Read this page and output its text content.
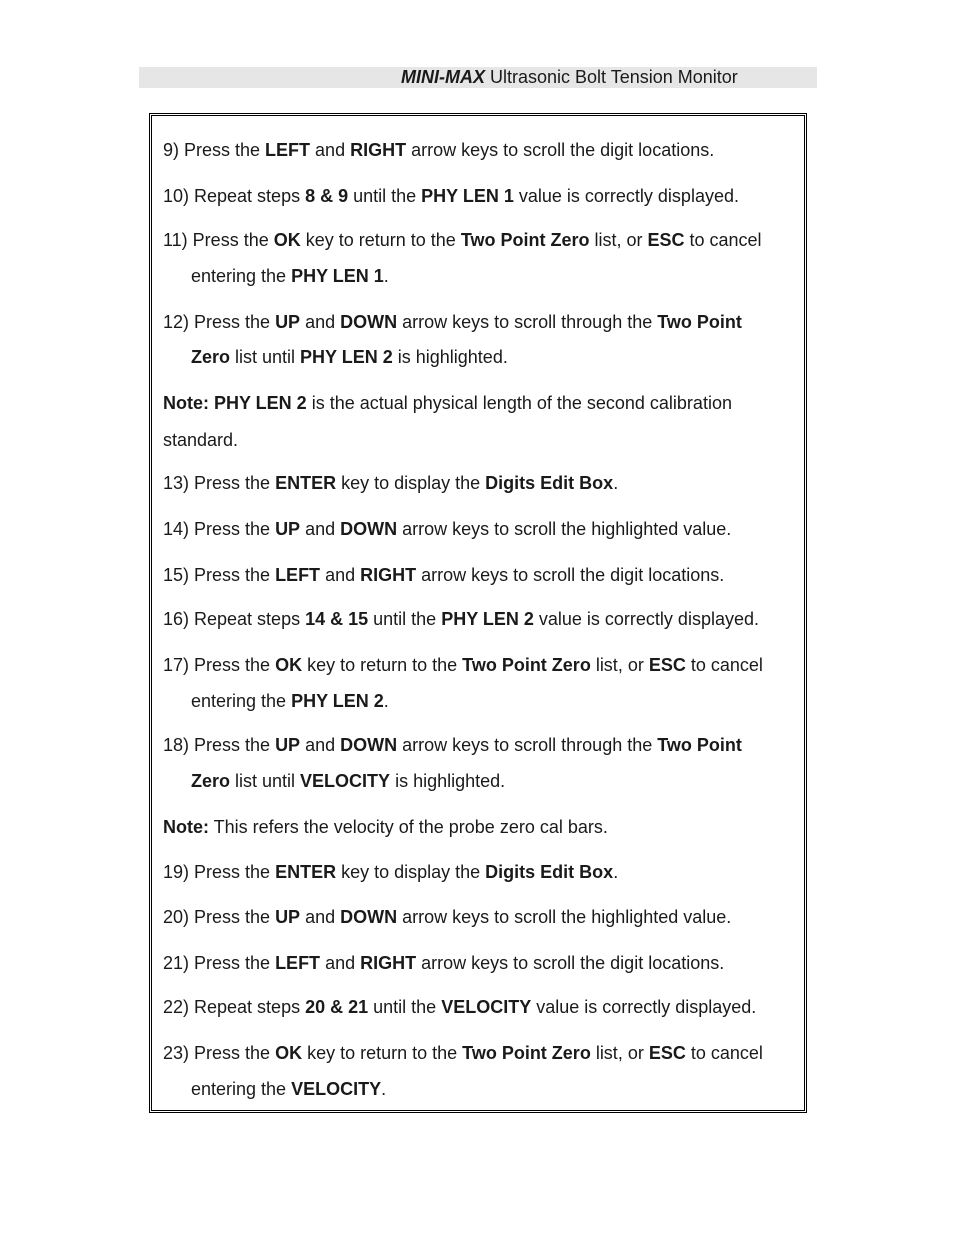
MINI-MAX Ultrasonic Bolt Tension Monitor
9) Press the LEFT and RIGHT arrow keys to scroll the digit locations.
10) Repeat steps 8 & 9 until the PHY LEN 1 value is correctly displayed.
11) Press the OK key to return to the Two Point Zero list, or ESC to cancel
entering the PHY LEN 1.
12) Press the UP and DOWN arrow keys to scroll through the Two Point
Zero list until PHY LEN 2 is highlighted.
Note: PHY LEN 2 is the actual physical length of the second calibration
standard.
13) Press the ENTER key to display the Digits Edit Box.
14) Press the UP and DOWN arrow keys to scroll the highlighted value.
15) Press the LEFT and RIGHT arrow keys to scroll the digit locations.
16) Repeat steps 14 & 15 until the PHY LEN 2 value is correctly displayed.
17) Press the OK key to return to the Two Point Zero list, or ESC to cancel
entering the PHY LEN 2.
18) Press the UP and DOWN arrow keys to scroll through the Two Point
Zero list until VELOCITY is highlighted.
Note: This refers the velocity of the probe zero cal bars.
19) Press the ENTER key to display the Digits Edit Box.
20) Press the UP and DOWN arrow keys to scroll the highlighted value.
21) Press the LEFT and RIGHT arrow keys to scroll the digit locations.
22) Repeat steps 20 & 21 until the VELOCITY value is correctly displayed.
23) Press the OK key to return to the Two Point Zero list, or ESC to cancel
entering the VELOCITY.
